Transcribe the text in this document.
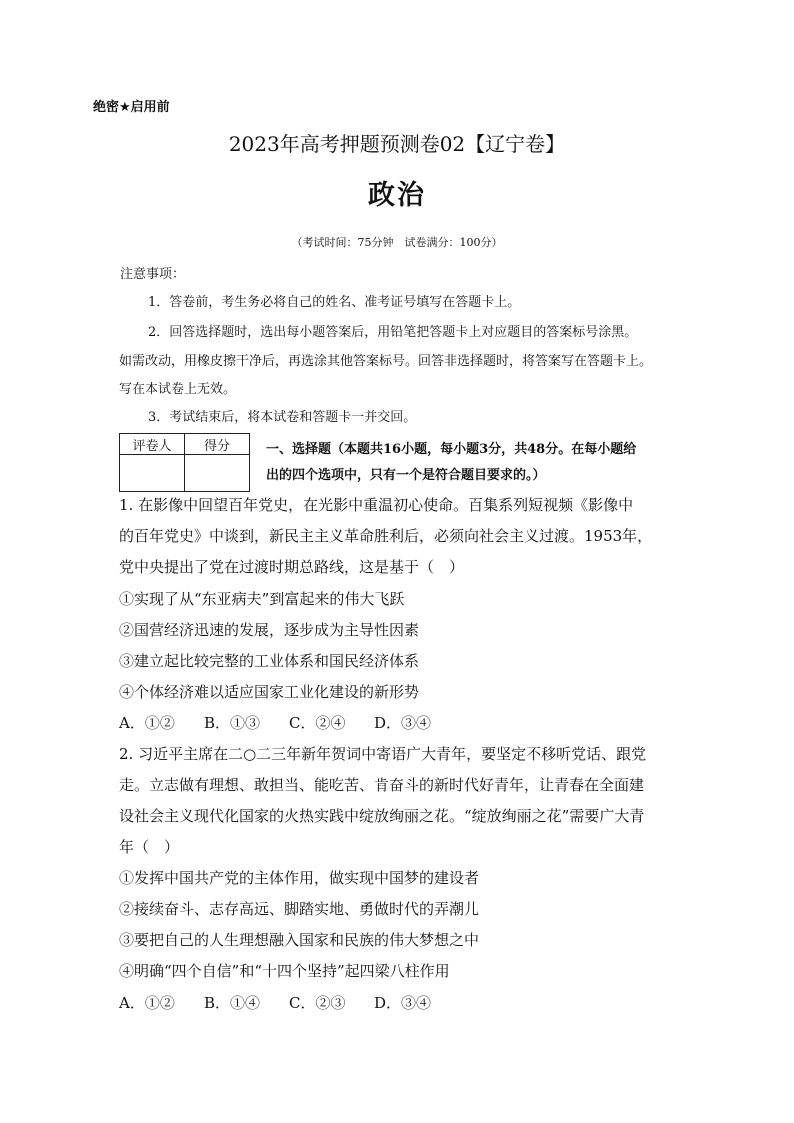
绝密★启用前
2023年高考押题预测卷02【辽宁卷】
政治
（考试时间：75分钟　试卷满分：100分）
注意事项：
1．答卷前，考生务必将自己的姓名、准考证号填写在答题卡上。
2．回答选择题时，选出每小题答案后，用铅笔把答题卡上对应题目的答案标号涂黑。
如需改动，用橡皮擦干净后，再选涂其他答案标号。回答非选择题时，将答案写在答题卡上。
写在本试卷上无效。
3．考试结束后，将本试卷和答题卡一并交回。
评卷人	得分
		一、选择题（本题共16小题，每小题3分，共48分。在每小题给
出的四个选项中，只有一个是符合题目要求的。）
1. 在影像中回望百年党史，在光影中重温初心使命。百集系列短视频《影像中
的百年党史》中谈到，新民主主义革命胜利后，必须向社会主义过渡。1953年，
党中央提出了党在过渡时期总路线，这是基于（　）
①实现了从“东亚病夫”到富起来的伟大飞跃
②国营经济迅速的发展，逐步成为主导性因素
③建立起比较完整的工业体系和国民经济体系
④个体经济难以适应国家工业化建设的新形势
A．①② B．①③ C．②④ D．③④
2. 习近平主席在二○二三年新年贺词中寄语广大青年，要坚定不移听党话、跟党
走。立志做有理想、敢担当、能吃苦、肯奋斗的新时代好青年，让青春在全面建
设社会主义现代化国家的火热实践中绽放绚丽之花。“绽放绚丽之花”需要广大青
年（　）
①发挥中国共产党的主体作用，做实现中国梦的建设者
②接续奋斗、志存高远、脚踏实地、勇做时代的弄潮儿
③要把自己的人生理想融入国家和民族的伟大梦想之中
④明确“四个自信”和“十四个坚持”起四梁八柱作用
A．①② B．①④ C．②③ D．③④
